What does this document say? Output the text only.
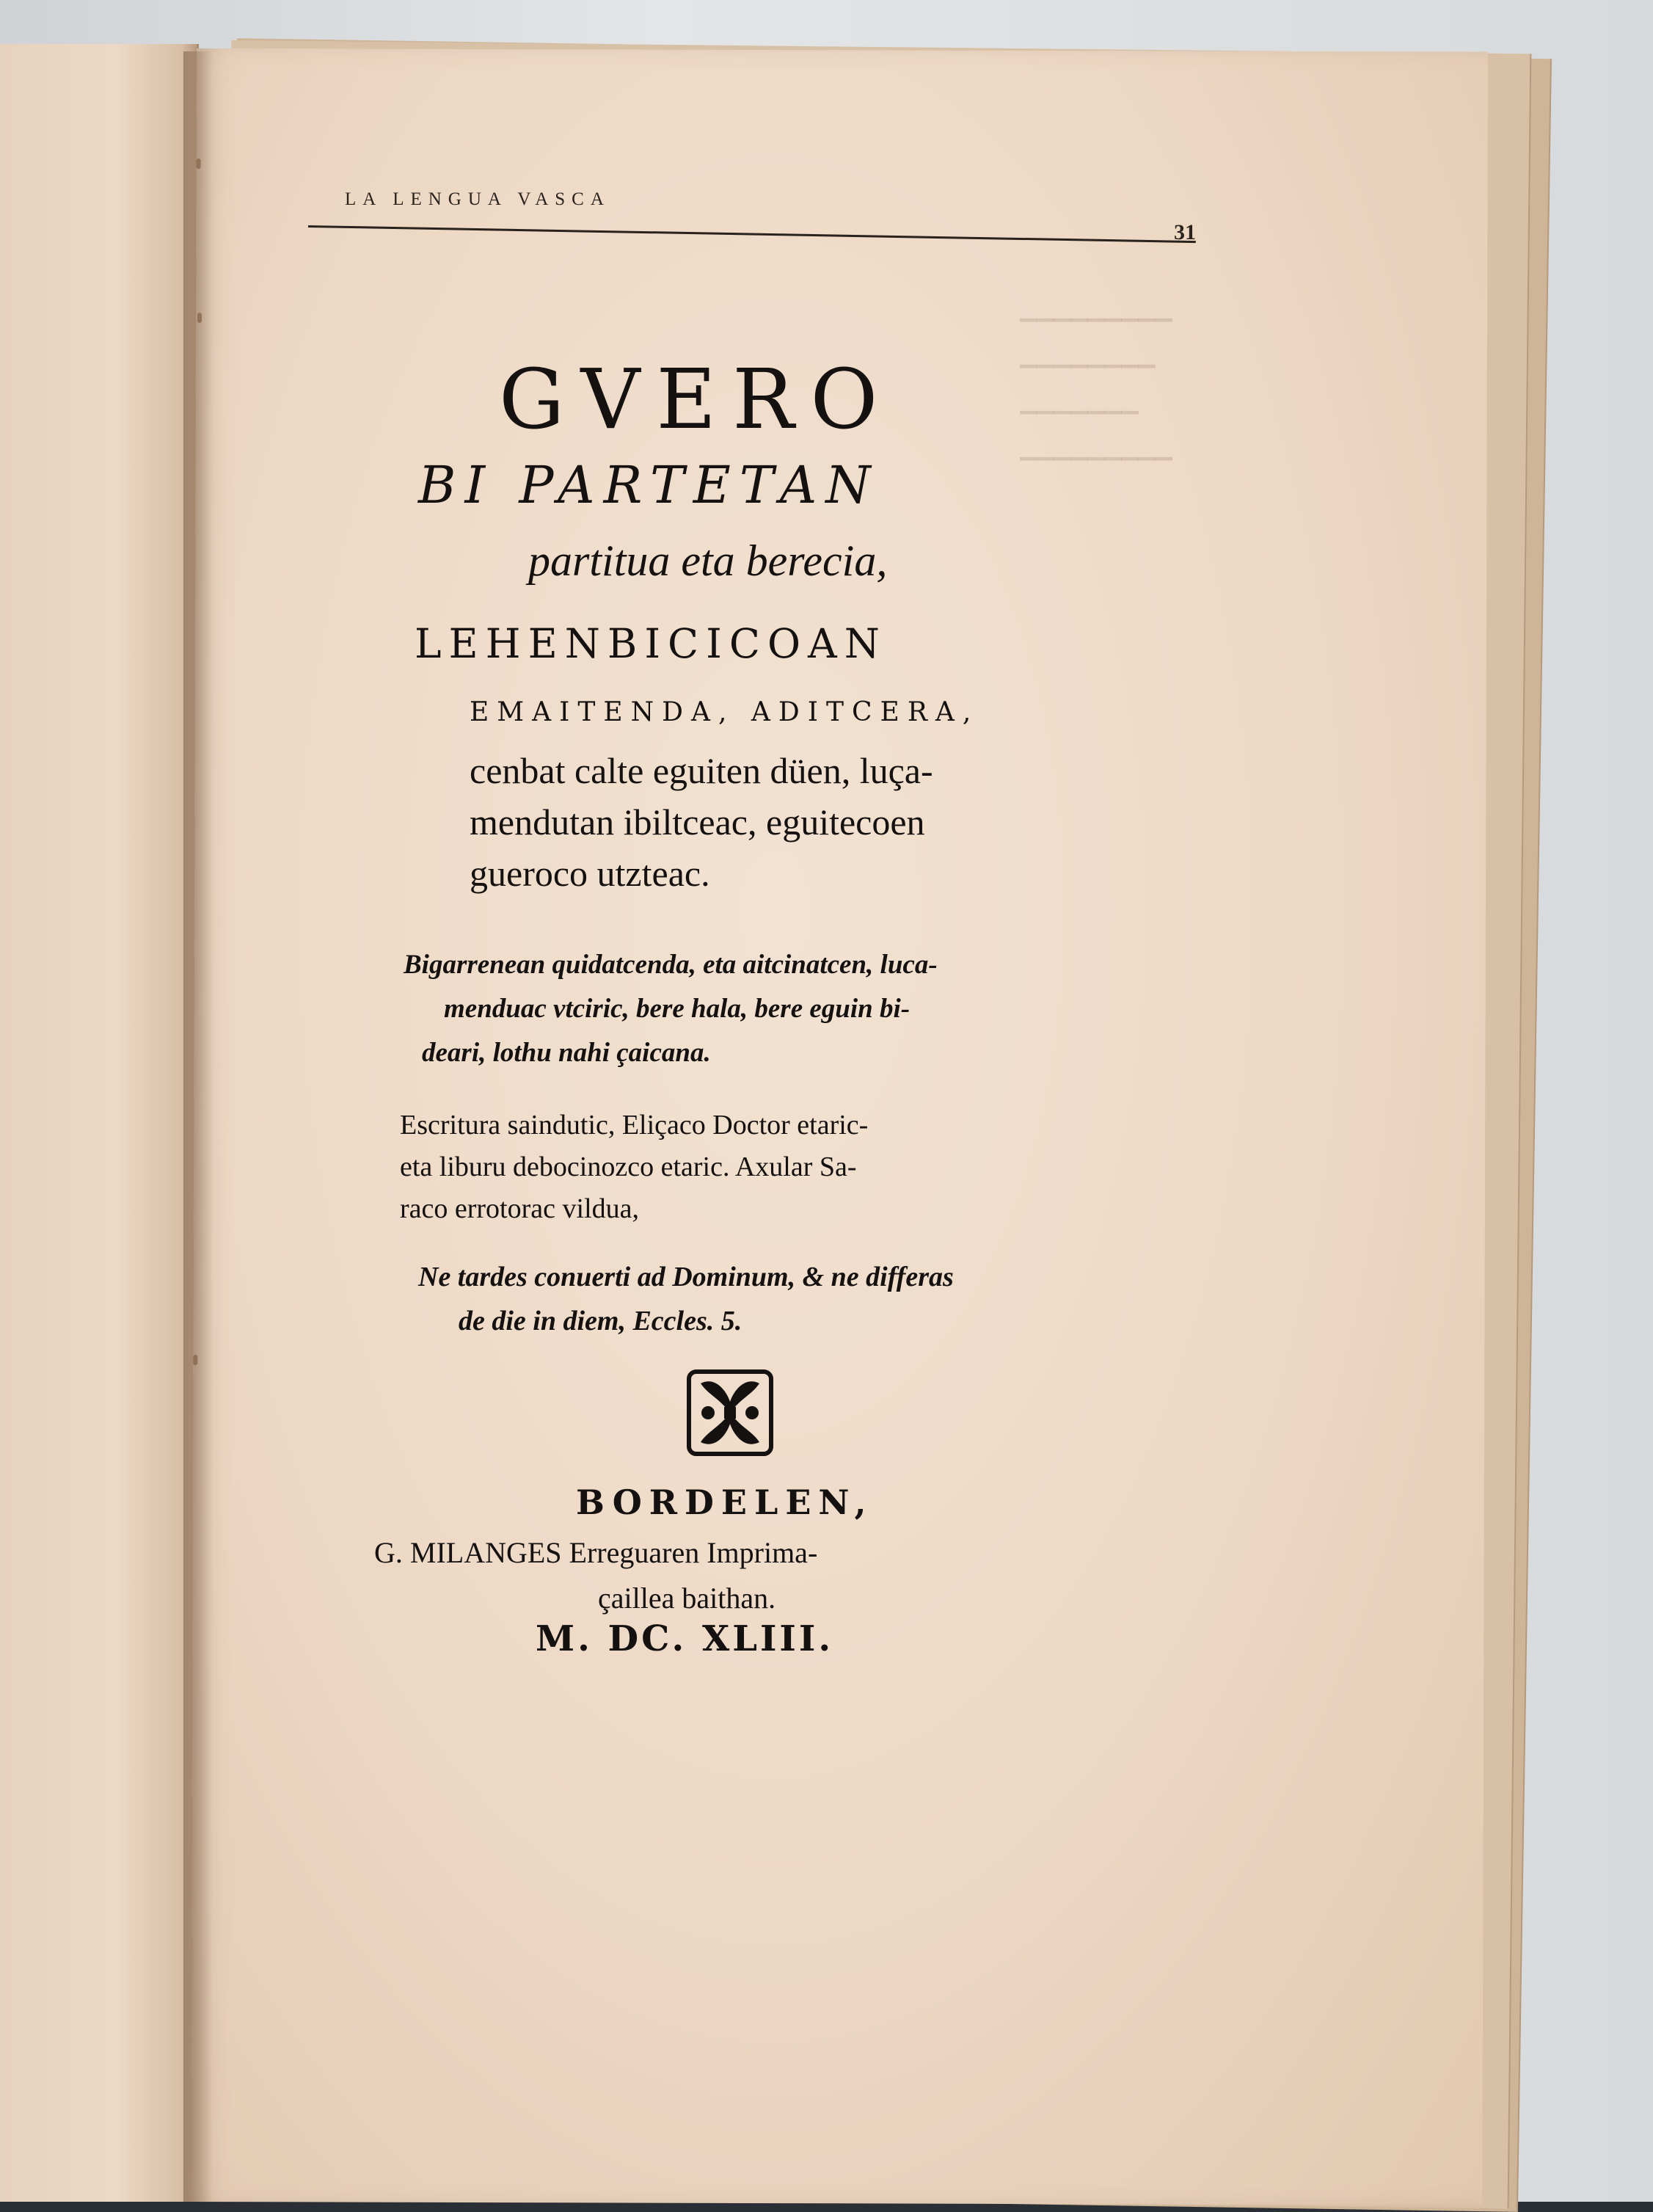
▁▁▁▁▁▁▁▁▁
▁▁▁▁▁▁▁▁
▁▁▁▁▁▁▁
▁▁▁▁▁▁▁▁▁
LA LENGUA VASCA
31
GVERO
BI PARTETAN
partitua eta berecia,
LEHENBICICOAN
EMAITENDA, ADITCERA,
cenbat calte eguiten düen, luça-
mendutan ibiltceac, eguitecoen
gueroco utzteac.
Bigarrenean quidatcenda, eta aitcinatcen, luca-
menduac vtciric, bere hala, bere eguin bi-
deari, lothu nahi çaicana.
Escritura saindutic, Eliçaco Doctor etaric-
eta liburu debocinozco etaric. Axular Sa-
raco errotorac vildua,
Ne tardes conuerti ad Dominum, & ne differas
de die in diem, Eccles. 5.
BORDELEN,
G. MILANGES Erreguaren Imprima-
çaillea baithan.
M. DC. XLIII.
